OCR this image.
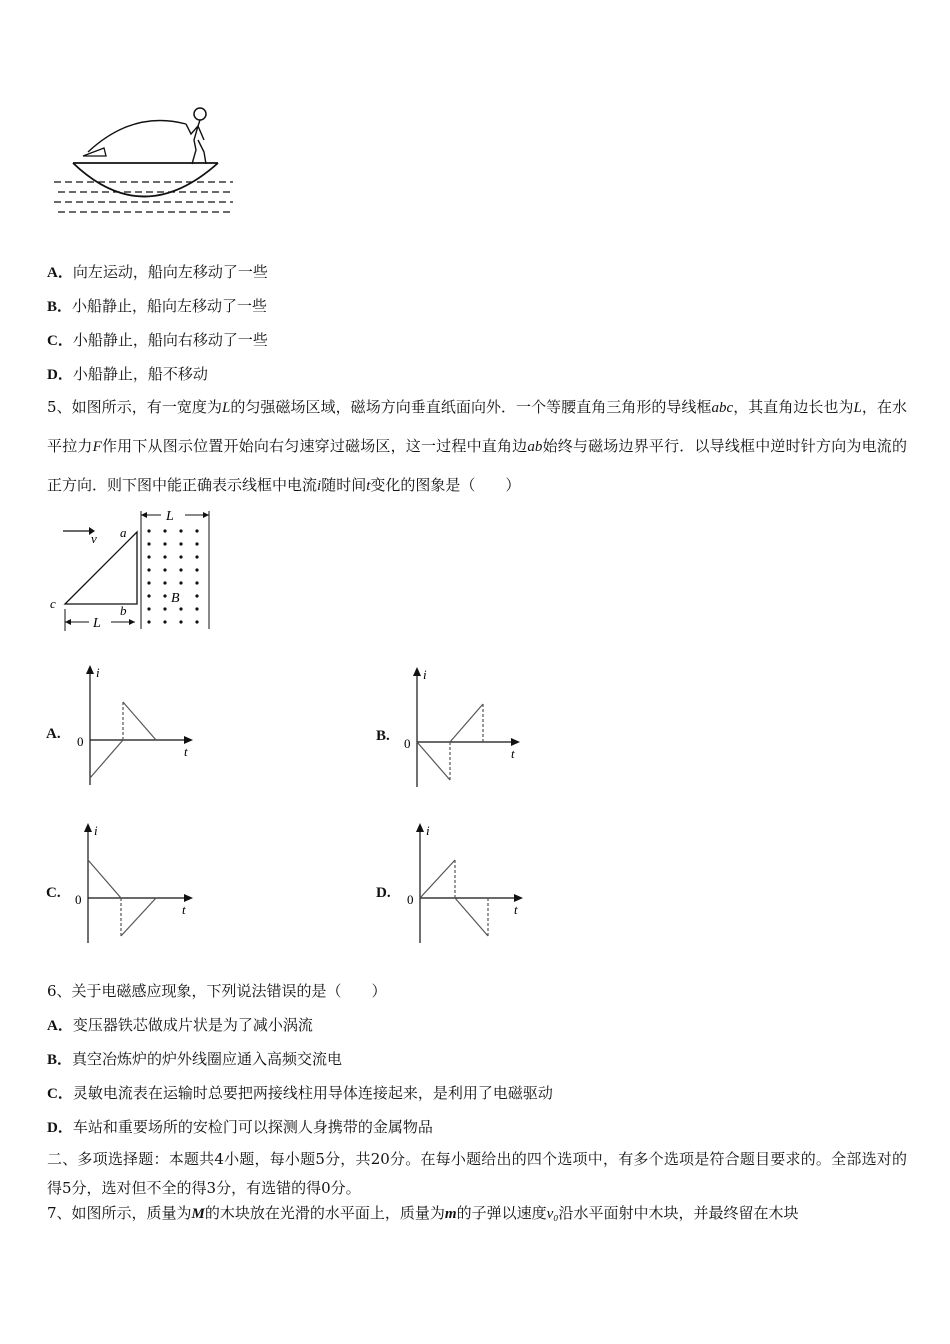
A．向左运动，船向左移动了一些
B．小船静止，船向左移动了一些
C．小船静止，船向右移动了一些
D．小船静止，船不移动
5、如图所示，有一宽度为L的匀强磁场区域，磁场方向垂直纸面向外．一个等腰直角三角形的导线框abc，其直角边长也为L，在水平拉力F作用下从图示位置开始向右匀速穿过磁场区，这一过程中直角边ab始终与磁场边界平行．以导线框中逆时针方向为电流的正方向．则下图中能正确表示线框中电流i随时间t变化的图象是（　　）
v a
b
c
L
L
B
A.
i
t
0	B.
i
t
0
C.
i
t
0	D.
i
t
0
6、关于电磁感应现象，下列说法错误的是（　　）
A．变压器铁芯做成片状是为了减小涡流
B．真空冶炼炉的炉外线圈应通入高频交流电
C．灵敏电流表在运输时总要把两接线柱用导体连接起来，是利用了电磁驱动
D．车站和重要场所的安检门可以探测人身携带的金属物品
二、多项选择题：本题共4小题，每小题5分，共20分。在每小题给出的四个选项中，有多个选项是符合题目要求的。全部选对的得5分，选对但不全的得3分，有选错的得0分。
7、如图所示，质量为M的木块放在光滑的水平面上，质量为m的子弹以速度v₀沿水平面射中木块，并最终留在木块
